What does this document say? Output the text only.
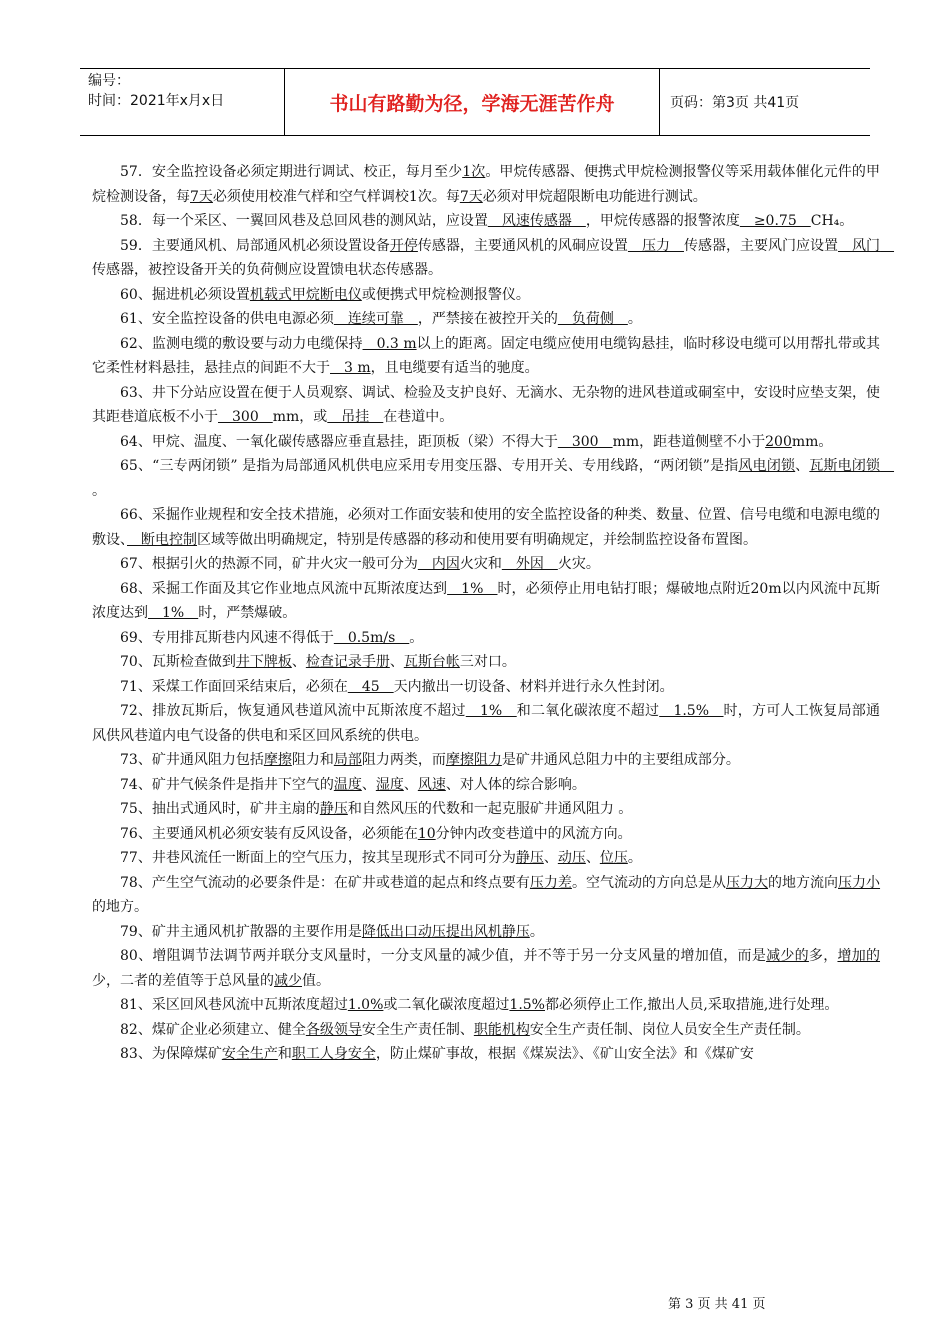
编号：
时间：2021年x月x日	书山有路勤为径，学海无涯苦作舟	页码：第3页 共41页

57．安全监控设备必须定期进行调试、校正，每月至少1次。甲烷传感器、便携式甲烷检测报警仪等采用载体催化元件的甲烷检测设备，每7天必须使用校准气样和空气样调校1次。每7天必须对甲烷超限断电功能进行测试。

58．每一个采区、一翼回风巷及总回风巷的测风站，应设置　风速传感器　，甲烷传感器的报警浓度　≥0.75　CH₄。

59．主要通风机、局部通风机必须设置设备开停传感器，主要通风机的风硐应设置　压力　传感器，主要风门应设置　风门　传感器，被控设备开关的负荷侧应设置馈电状态传感器。

60、掘进机必须设置机载式甲烷断电仪或便携式甲烷检测报警仪。

61、安全监控设备的供电电源必须　连续可靠　，严禁接在被控开关的　负荷侧　。

62、监测电缆的敷设要与动力电缆保持　0.3 m以上的距离。固定电缆应使用电缆钩悬挂，临时移设电缆可以用帮扎带或其它柔性材料悬挂，悬挂点的间距不大于　3 m，且电缆要有适当的驰度。

63、井下分站应设置在便于人员观察、调试、检验及支护良好、无滴水、无杂物的进风巷道或硐室中，安设时应垫支架，使其距巷道底板不小于　300　mm，或　吊挂　在巷道中。

64、甲烷、温度、一氧化碳传感器应垂直悬挂，距顶板（梁）不得大于　300　mm，距巷道侧壁不小于200mm。

65、“三专两闭锁” 是指为局部通风机供电应采用专用变压器、专用开关、专用线路，“两闭锁”是指风电闭锁、瓦斯电闭锁　。

66、采掘作业规程和安全技术措施，必须对工作面安装和使用的安全监控设备的种类、数量、位置、信号电缆和电源电缆的敷设、　断电控制区域等做出明确规定，特别是传感器的移动和使用要有明确规定，并绘制监控设备布置图。

67、根据引火的热源不同，矿井火灾一般可分为　内因火灾和　外因　火灾。

68、采掘工作面及其它作业地点风流中瓦斯浓度达到　1%　时，必须停止用电钻打眼；爆破地点附近20m以内风流中瓦斯浓度达到　1%　时，严禁爆破。

69、专用排瓦斯巷内风速不得低于　0.5m/s　。

70、瓦斯检查做到井下牌板、检查记录手册、瓦斯台帐三对口。

71、采煤工作面回采结束后，必须在　45　天内撤出一切设备、材料并进行永久性封闭。

72、排放瓦斯后，恢复通风巷道风流中瓦斯浓度不超过　1%　和二氧化碳浓度不超过　1.5%　时，方可人工恢复局部通风供风巷道内电气设备的供电和采区回风系统的供电。

73、矿井通风阻力包括摩擦阻力和局部阻力两类，而摩擦阻力是矿井通风总阻力中的主要组成部分。

74、矿井气候条件是指井下空气的温度、湿度、风速、对人体的综合影响。

75、抽出式通风时，矿井主扇的静压和自然风压的代数和一起克服矿井通风阻力 。

76、主要通风机必须安装有反风设备，必须能在10分钟内改变巷道中的风流方向。

77、井巷风流任一断面上的空气压力，按其呈现形式不同可分为静压、动压、位压。

78、产生空气流动的必要条件是：在矿井或巷道的起点和终点要有压力差。空气流动的方向总是从压力大的地方流向压力小的地方。

79、矿井主通风机扩散器的主要作用是降低出口动压提出风机静压。

80、增阻调节法调节两并联分支风量时，一分支风量的减少值，并不等于另一分支风量的增加值，而是减少的多，增加的少，二者的差值等于总风量的减少值。

81、采区回风巷风流中瓦斯浓度超过1.0%或二氧化碳浓度超过1.5%都必须停止工作,撤出人员,采取措施,进行处理。

82、煤矿企业必须建立、健全各级领导安全生产责任制、职能机构安全生产责任制、岗位人员安全生产责任制。

83、为保障煤矿安全生产和职工人身安全，防止煤矿事故，根据《煤炭法》、《矿山安全法》和《煤矿安

第 3 页 共 41 页
